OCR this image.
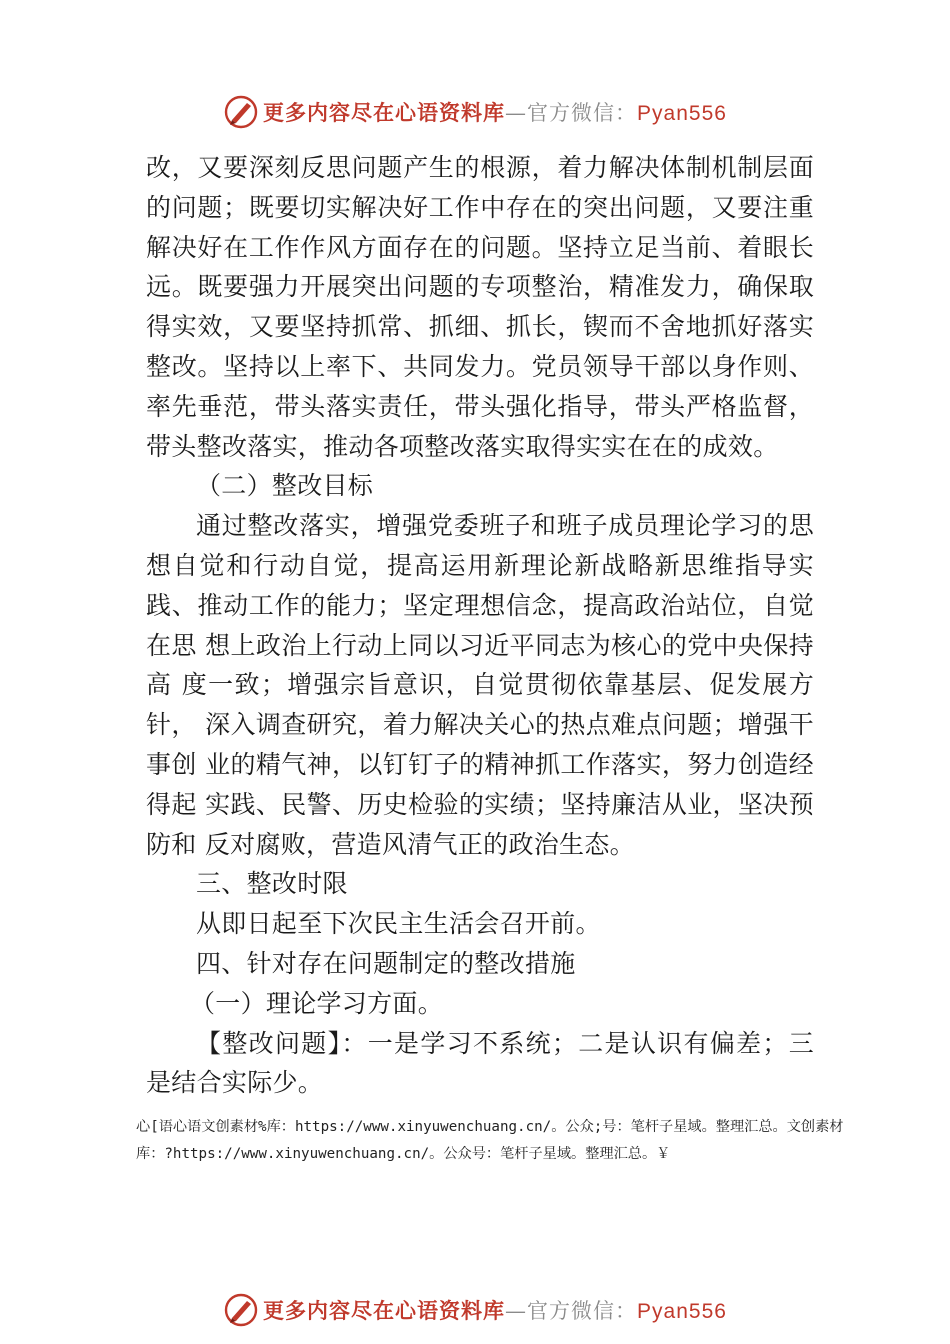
更多内容尽在心语资料库—官方微信：Pyan556

改，又要深刻反思问题产生的根源，着力解决体制机制层面的问题；既要切实解决好工作中存在的突出问题，又要注重解决好在工作作风方面存在的问题。坚持立足当前、着眼长远。既要强力开展突出问题的专项整治，精准发力，确保取得实效，又要坚持抓常、抓细、抓长，锲而不舍地抓好落实整改。坚持以上率下、共同发力。党员领导干部以身作则、率先垂范，带头落实责任，带头强化指导，带头严格监督，带头整改落实，推动各项整改落实取得实实在在的成效。

（二）整改目标

通过整改落实，增强党委班子和班子成员理论学习的思想自觉和行动自觉，提高运用新理论新战略新思维指导实践、推动工作的能力；坚定理想信念，提高政治站位，自觉在思 想上政治上行动上同以习近平同志为核心的党中央保持高 度一致；增强宗旨意识，自觉贯彻依靠基层、促发展方针， 深入调查研究，着力解决关心的热点难点问题；增强干事创 业的精气神，以钉钉子的精神抓工作落实，努力创造经得起 实践、民警、历史检验的实绩；坚持廉洁从业，坚决预防和 反对腐败，营造风清气正的政治生态。

三、整改时限

从即日起至下次民主生活会召开前。

四、针对存在问题制定的整改措施

（一）理论学习方面。

【整改问题】：一是学习不系统；二是认识有偏差；三是结合实际少。

心[语心语文创素材%库：https://www.xinyuwenchuang.cn/。公众;号：笔杆子星域。整理汇总。文创素材库：?https://www.xinyuwenchuang.cn/。公众号：笔杆子星域。整理汇总。￥
更多内容尽在心语资料库—官方微信：Pyan556
